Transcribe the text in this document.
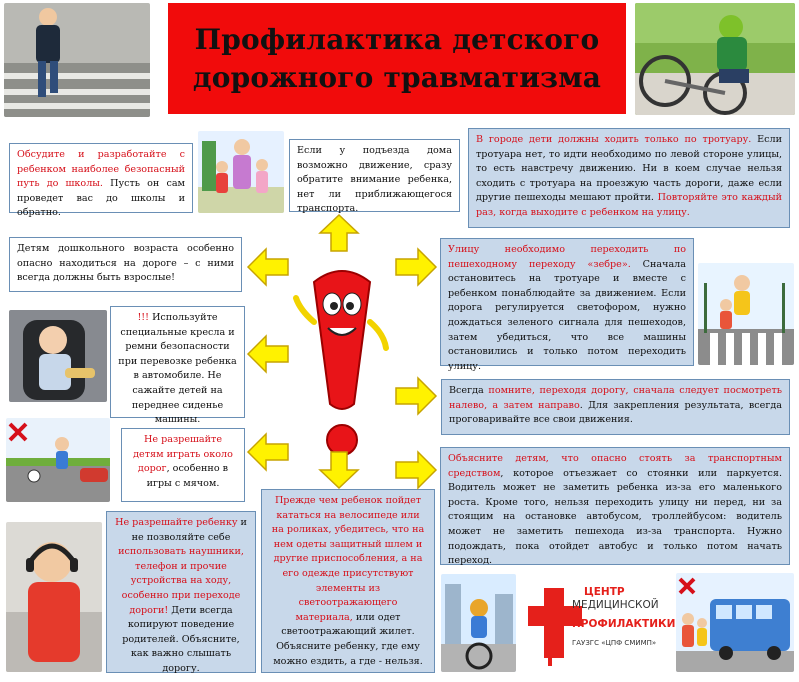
Профилактика детского
дорожного травматизма
Обсудите и разработайте с ребенком наиболее безопасный путь до школы. Пусть он сам проведет вас до школы и обратно.
Если у подъезда дома возможно движение, сразу обратите внимание ребенка, нет ли приближающегося транспорта.
В городе дети должны ходить только по тротуару. Если тротуара нет, то идти необходимо по левой стороне улицы, то есть навстречу движению. Ни в коем случае нельзя сходить с тротуара на проезжую часть дороги, даже если другие пешеходы мешают пройти. Повторяйте это каждый раз, когда выходите с ребенком на улицу.
Детям дошкольного возраста особенно опасно находиться на дороге – с ними всегда должны быть взрослые!
Улицу необходимо переходить по пешеходному переходу «зебре». Сначала остановитесь на тротуаре и вместе с ребенком понаблюдайте за движением. Если дорога регулируется светофором, нужно дождаться зеленого сигнала для пешеходов, затем убедиться, что все машины остановились и только потом переходить улицу.
!!! Используйте специальные кресла и ремни безопасности при перевозке ребенка в автомобиле. Не сажайте детей на переднее сиденье машины.
Всегда помните, переходя дорогу, сначала следует посмотреть налево, а затем направо. Для закрепления результата, всегда проговаривайте все свои движения.
Не разрешайте детям играть около дорог, особенно в игры с мячом.
Объясните детям, что опасно стоять за транспортным средством, которое отъезжает со стоянки или паркуется. Водитель может не заметить ребенка из-за его маленького роста. Кроме того, нельзя переходить улицу ни перед, ни за стоящим на остановке автобусом, троллейбусом: водитель может не заметить пешехода из-за транспорта. Нужно подождать, пока отойдет автобус и только потом начать переход.
Не разрешайте ребенку и не позволяйте себе использовать наушники, телефон и прочие устройства на ходу, особенно при переходе дороги! Дети всегда копируют поведение родителей. Объясните, как важно слышать дорогу.
Прежде чем ребенок пойдет кататься на велосипеде или на роликах, убедитесь, что на нем одеты защитный шлем и другие приспособления, а на его одежде присутствуют элементы из светоотражающего материала, или одет светоотражающий жилет. Объясните ребенку, где ему можно ездить, а где - нельзя.
ЦЕНТР
МЕДИЦИНСКОЙ
ПРОФИЛАКТИКИ
ГАУЗГС «ЦПФ СМИМП»
